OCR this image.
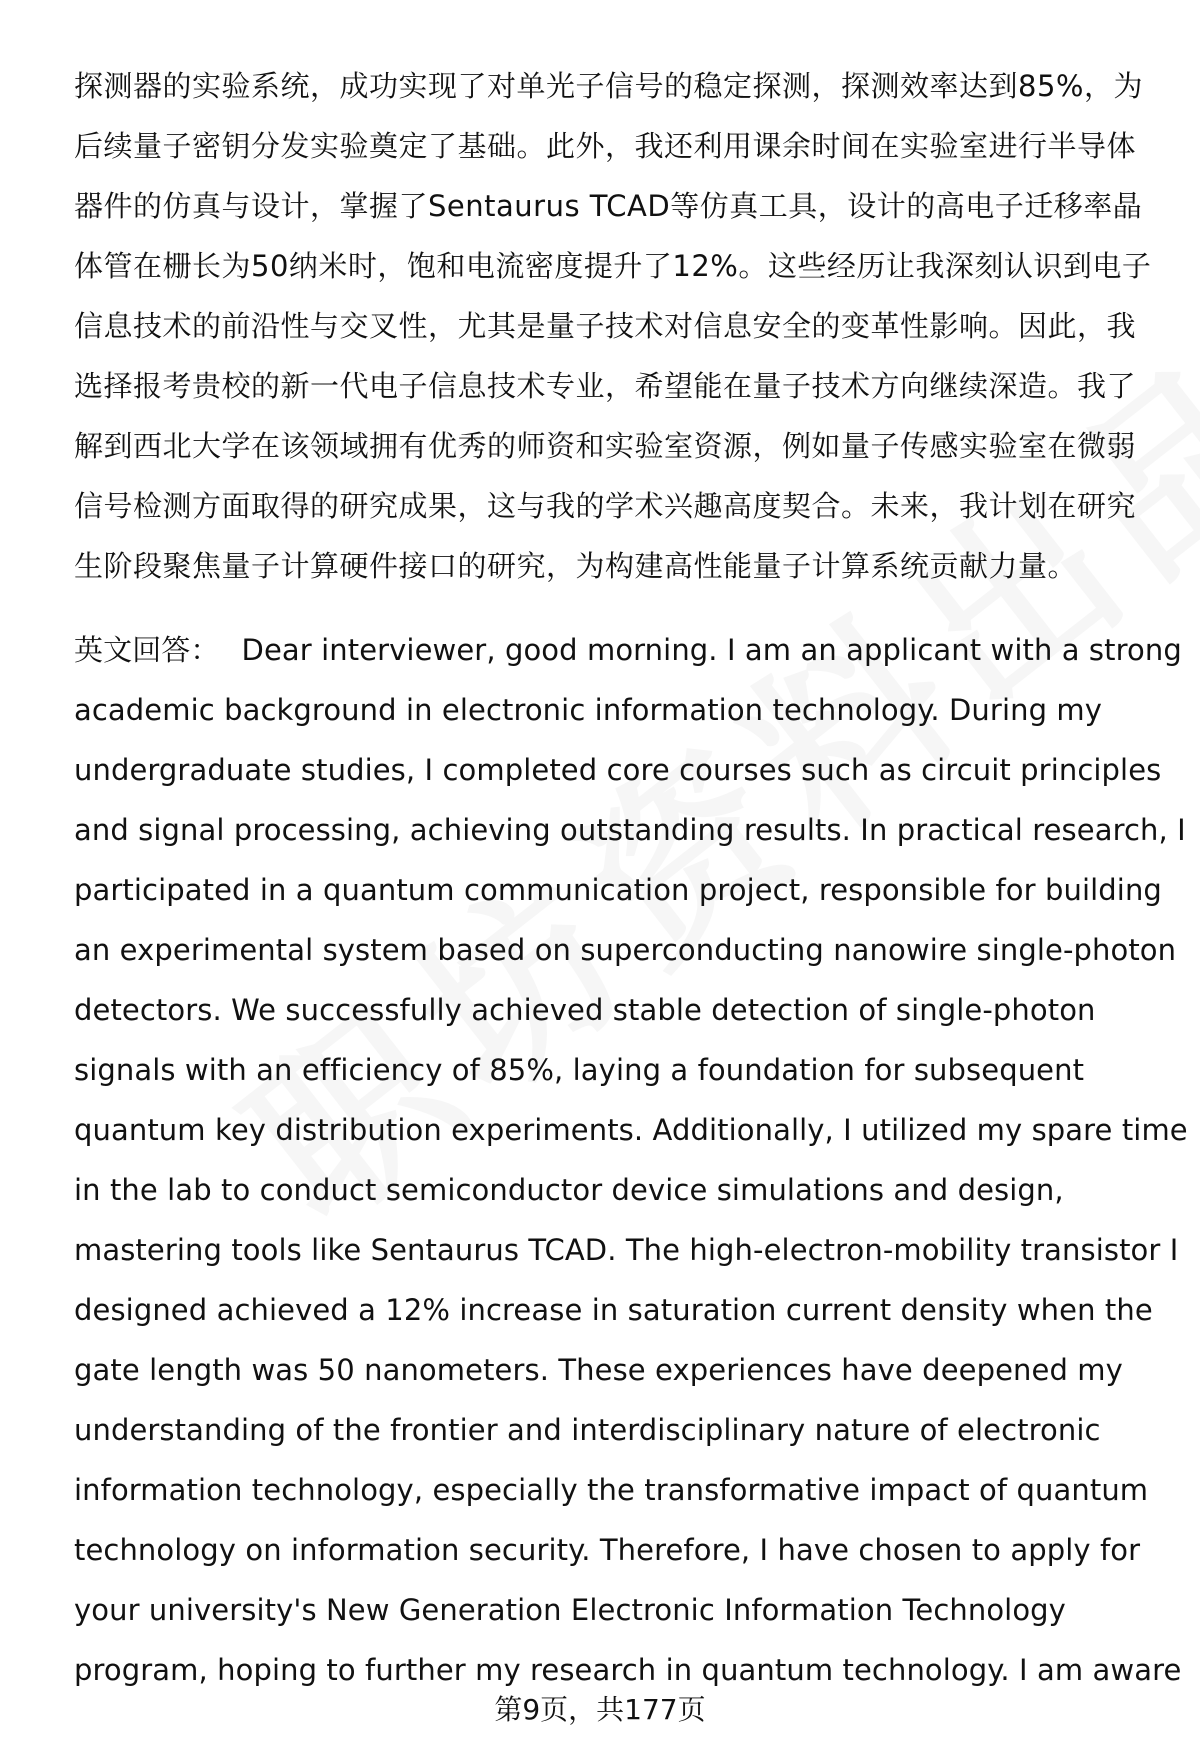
探测器的实验系统，成功实现了对单光子信号的稳定探测，探测效率达到85%，为
后续量子密钥分发实验奠定了基础。此外，我还利用课余时间在实验室进行半导体
器件的仿真与设计，掌握了Sentaurus TCAD等仿真工具，设计的高电子迁移率晶
体管在栅长为50纳米时，饱和电流密度提升了12%。这些经历让我深刻认识到电子
信息技术的前沿性与交叉性，尤其是量子技术对信息安全的变革性影响。因此，我
选择报考贵校的新一代电子信息技术专业，希望能在量子技术方向继续深造。我了
解到西北大学在该领域拥有优秀的师资和实验室资源，例如量子传感实验室在微弱
信号检测方面取得的研究成果，这与我的学术兴趣高度契合。未来，我计划在研究
生阶段聚焦量子计算硬件接口的研究，为构建高性能量子计算系统贡献力量。
英文回答： Dear interviewer, good morning. I am an applicant with a strong
academic background in electronic information technology. During my
undergraduate studies, I completed core courses such as circuit principles
and signal processing, achieving outstanding results. In practical research, I
participated in a quantum communication project, responsible for building
an experimental system based on superconducting nanowire single-photon
detectors. We successfully achieved stable detection of single-photon
signals with an efficiency of 85%, laying a foundation for subsequent
quantum key distribution experiments. Additionally, I utilized my spare time
in the lab to conduct semiconductor device simulations and design,
mastering tools like Sentaurus TCAD. The high-electron-mobility transistor I
designed achieved a 12% increase in saturation current density when the
gate length was 50 nanometers. These experiences have deepened my
understanding of the frontier and interdisciplinary nature of electronic
information technology, especially the transformative impact of quantum
technology on information security. Therefore, I have chosen to apply for
your university's New Generation Electronic Information Technology
program, hoping to further my research in quantum technology. I am aware
第9页，共177页
